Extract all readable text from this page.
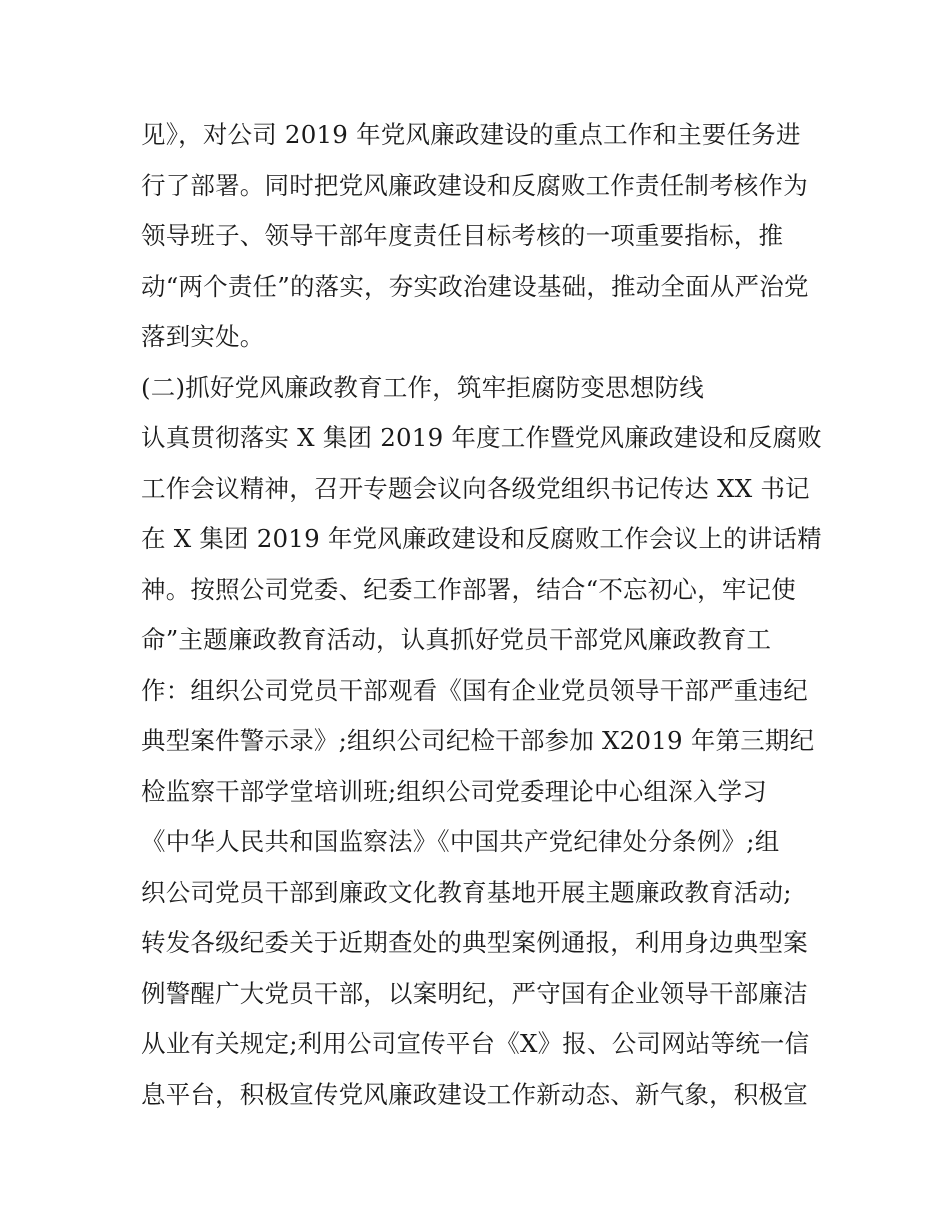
见》，对公司 2019 年党风廉政建设的重点工作和主要任务进
行了部署。同时把党风廉政建设和反腐败工作责任制考核作为
领导班子、领导干部年度责任目标考核的一项重要指标，推
动“两个责任”的落实，夯实政治建设基础，推动全面从严治党
落到实处。
(二)抓好党风廉政教育工作，筑牢拒腐防变思想防线
认真贯彻落实 X 集团 2019 年度工作暨党风廉政建设和反腐败
工作会议精神，召开专题会议向各级党组织书记传达 XX 书记
在 X 集团 2019 年党风廉政建设和反腐败工作会议上的讲话精
神。按照公司党委、纪委工作部署，结合“不忘初心，牢记使
命”主题廉政教育活动，认真抓好党员干部党风廉政教育工
作：组织公司党员干部观看《国有企业党员领导干部严重违纪
典型案件警示录》;组织公司纪检干部参加 X2019 年第三期纪
检监察干部学堂培训班;组织公司党委理论中心组深入学习
《中华人民共和国监察法》《中国共产党纪律处分条例》;组
织公司党员干部到廉政文化教育基地开展主题廉政教育活动;
转发各级纪委关于近期查处的典型案例通报，利用身边典型案
例警醒广大党员干部，以案明纪，严守国有企业领导干部廉洁
从业有关规定;利用公司宣传平台《X》报、公司网站等统一信
息平台，积极宣传党风廉政建设工作新动态、新气象，积极宣
